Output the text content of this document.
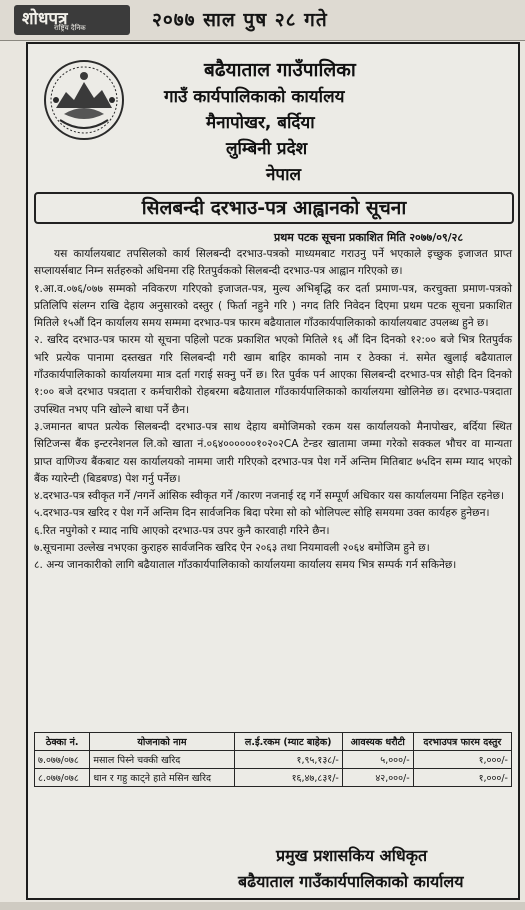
शोधपत्र
राष्ट्रिय दैनिक	२०७७ साल पुष २८ गते
बढैयाताल गाउँपालिका
गाउँ कार्यपालिकाको कार्यालय
मैनापोखर, बर्दिया
लुम्बिनी प्रदेश
नेपाल
सिलबन्दी दरभाउ-पत्र आह्वानको सूचना
प्रथम पटक सूचना प्रकाशित मिति २०७७/०९/२८

यस कार्यालयबाट तपसिलको कार्य सिलबन्दी दरभाउ-पत्रको माध्यमबाट गराउनु पर्ने भएकाले इच्छुक इजाजत प्राप्त सप्लायर्सबाट निम्न सर्तहरुको अधिनमा रहि रितपुर्वकको सिलबन्दी दरभाउ-पत्र आह्वान गरिएको छ।

१.आ.व.०७६/०७७ सम्मको नविकरण गरिएको इजाजत-पत्र, मुल्य अभिबृद्धि कर दर्ता प्रमाण-पत्र, करचुक्ता प्रमाण-पत्रको प्रतिलिपि संलग्न राखि देहाय अनुसारको दस्तुर ( फिर्ता नहुने गरि ) नगद तिरि निवेदन दिएमा प्रथम पटक सूचना प्रकाशित मितिले १५औं दिन कार्यालय समय सम्ममा दरभाउ-पत्र फारम बढैयाताल गाँउकार्यपालिकाको कार्यालयबाट उपलब्ध हुने छ।

२. खरिद दरभाउ-पत्र फारम यो सूचना पहिलो पटक प्रकाशित भएको मितिले १६ औं दिन दिनको १२:०० बजे भित्र रितपुर्वक भरि प्रत्येक पानामा दस्तखत गरि सिलबन्दी गरी खाम बाहिर कामको नाम र ठेक्का नं. समेत खुलाई बढैयाताल गाँउकार्यपालिकाको कार्यालयमा मात्र दर्ता गराई सक्नु पर्ने छ। रित पुर्वक पर्न आएका सिलबन्दी दरभाउ-पत्र सोही दिन दिनको १:०० बजे दरभाउ पत्रदाता र कर्मचारीको रोहबरमा बढैयाताल गाँउकार्यपालिकाको कार्यालयमा खोलिनेछ छ। दरभाउ-पत्रदाता उपस्थित नभए पनि खोल्ने बाधा पर्ने छैन।

३.जमानत बापत प्रत्येक सिलबन्दी दरभाउ-पत्र साथ देहाय बमोजिमको रकम यस कार्यालयको मैनापोखर, बर्दिया स्थित सिटिजन्स बैंक इन्टरनेशनल लि.को खाता नं.०६४००००००१०२०२CA टेन्डर खातामा जम्मा गरेको सक्कल भौचर वा मान्यता प्राप्त वाणिज्य बैंकबाट यस कार्यालयको नाममा जारी गरिएको दरभाउ-पत्र पेश गर्ने अन्तिम मितिबाट ७५दिन सम्म म्याद भएको बैंक ग्यारेन्टी (बिडबण्ड) पेश गर्नु पर्नेछ।

४.दरभाउ-पत्र स्वीकृत गर्ने /नगर्ने आंसिक स्वीकृत गर्ने /कारण नजनाई रद्द गर्ने सम्पूर्ण अधिकार यस कार्यालयमा निहित रहनेछ।

५.दरभाउ-पत्र खरिद र पेश गर्ने अन्तिम दिन सार्वजनिक बिदा परेमा सो को भोलिपल्ट सोहि समयमा उक्त कार्यहरु हुनेछन।

६.रित नपुगेको र म्याद नाघि आएको दरभाउ-पत्र उपर कुनै कारवाही गरिने छैन।

७.सूचनामा उल्लेख नभएका कुराहरु सार्वजनिक खरिद ऐन २०६३ तथा नियमावली २०६४ बमोजिम हुने छ।

८. अन्य जानकारीको लागि बढैयाताल गाँउकार्यपालिकाको कार्यालयमा कार्यालय समय भित्र सम्पर्क गर्न सकिनेछ।

ठेक्का नं.	योजनाको नाम	ल.ई.रकम (म्याट बाहेक)	आवस्यक धरौटी	दरभाउपत्र फारम दस्तुर
७.०७७/०७८	मसाल पिस्ने चक्की खरिद	१,९५,१३८/-	५,०००/-	१,०००/-
८.०७७/०७८	धान र गहु काट्ने हाते मसिन खरिद	१६,४७,८३१/-	४२,०००/-	१,०००/-
प्रमुख प्रशासकिय अधिकृत
बढैयाताल गाउँकार्यपालिकाको कार्यालय
